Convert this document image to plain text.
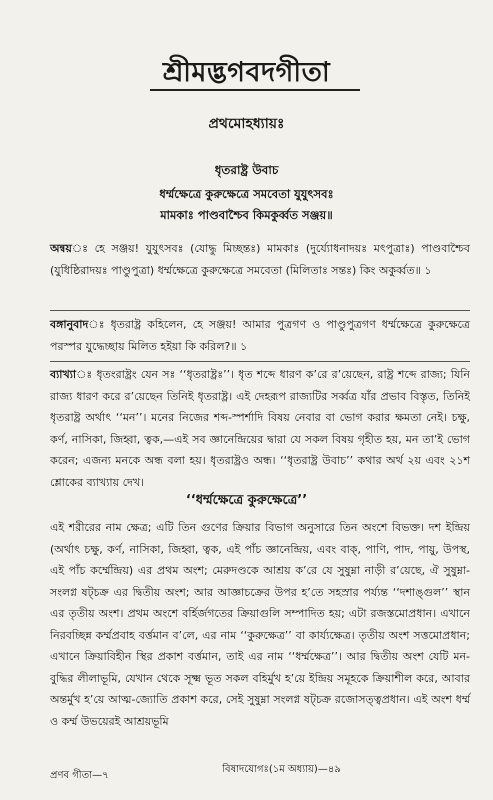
শ্রীমদ্ভগবদগীতা
প্রথমোহধ্যায়ঃ
ধৃতরাষ্ট্র উবাচ
ধর্ম্মক্ষেত্রে কুরুক্ষেত্রে সমবেতা যুযুৎসবঃ
মামকাঃ পাণ্ডবাশ্চৈব কিমকুর্ব্বত সঞ্জয়॥

অন্বয়ঃ হে সঞ্জয়! যুযুৎসবঃ (যোদ্ধু মিচ্ছন্তঃ) মামকাঃ (দুর্য্যোধনাদয়ঃ মৎপুত্রাঃ) পাণ্ডবাশ্চৈব (যুধিষ্ঠিরাদয়ঃ পাণ্ডুপুত্রা) ধর্ম্মক্ষেত্রে কুরুক্ষেত্রে সমবেতা (মিলিতাঃ সন্তঃ) কিং অকুর্ব্বত॥ ১

বঙ্গানুবাদঃ ধৃতরাষ্ট্র কহিলেন, হে সঞ্জয়! আমার পুত্রগণ ও পাণ্ডুপুত্রগণ ধর্ম্মক্ষেত্রে কুরুক্ষেত্রে পরস্পর যুদ্ধেচ্ছায় মিলিত হইয়া কি করিল?॥ ১

ব্যাখ্যাঃ ধৃতংরাষ্ট্রং যেন সঃ ‘‘ধৃতরাষ্ট্রঃ’’। ধৃত শব্দে ধারণ ক’রে র’য়েছেন, রাষ্ট্র শব্দে রাজ্য; যিনি রাজ্য ধারণ করে র’য়েছেন তিনিই ধৃতরাষ্ট্র। এই দেহরূপ রাজ্যটির সর্ব্বত্র যাঁর প্রভাব বিস্তৃত, তিনিই ধৃতরাষ্ট্র অর্থাৎ ‘‘মন’’। মনের নিজের শব্দ-স্পর্শাদি বিষয় নেবার বা ভোগ করার ক্ষমতা নেই। চক্ষু, কর্ণ, নাসিকা, জিহ্বা, ত্বক,—এই সব জ্ঞানেন্দ্রিয়ের দ্বারা যে সকল বিষয় গৃহীত হয়, মন তা’ই ভোগ করেন; এজন্য মনকে অন্ধ বলা হয়। ধৃতরাষ্ট্রও অন্ধ। ‘‘ধৃতরাষ্ট্র উবাচ’’ কথার অর্থ ২য় এবং ২১শ শ্লোকের ব্যাখ্যায় দেখ।

‘‘ধর্ম্মক্ষেত্রে কুরুক্ষেত্রে’’

এই শরীরের নাম ক্ষেত্র; এটি তিন গুণের ক্রিয়ার বিভাগ অনুসারে তিন অংশে বিভক্ত। দশ ইন্দ্রিয় (অর্থাৎ চক্ষু, কর্ণ, নাসিকা, জিহ্বা, ত্বক, এই পাঁচ জ্ঞানেন্দ্রিয়, এবং বাক্‌, পাণি, পাদ, পায়ু, উপস্থ, এই পাঁচ কর্ম্মেন্দ্রিয়) এর প্রথম অংশ; মেরুদণ্ডকে আশ্রয় ক’রে যে সুষুম্না নাড়ী র’য়েছে, ঐ সুষুম্না-সংলগ্ন ষট্‌চক্র এর দ্বিতীয় অংশ; আর আজ্ঞাচক্রের উপর হ’তে সহস্রার পর্য্যন্ত ‘‘দশাঙ্গুল’’ স্থান এর তৃতীয় অংশ। প্রথম অংশে বর্হির্জগতের ক্রিয়াগুলি সম্পাদিত হয়; এটা রজস্তমোপ্রধান। এখানে নিরবচ্ছিন্ন কর্ম্মপ্রবাহ বর্ত্তমান ব’লে, এর নাম ‘‘কুরুক্ষেত্র’’ বা কার্য্যক্ষেত্র। তৃতীয় অংশ সত্তমোপ্রধান; এখানে ক্রিয়াবিহীন স্থির প্রকাশ বর্ত্তমান, তাই এর নাম ‘‘ধর্ম্মক্ষেত্র’’। আর দ্বিতীয় অংশ যেটি মন-বুদ্ধির লীলাভূমি, যেখান থেকে সূক্ষ্ম ভূত সকল বহির্মুখ হ’য়ে ইন্দ্রিয় সমূহকে ক্রিয়াশীল করে, আবার অন্তর্মুখ হ’য়ে আত্ম-জ্যোতি প্রকাশ করে, সেই সুষুম্না সংলগ্ন ষট্‌চক্র রজোসত্ত্বপ্রধান। এই অংশ ধর্ম্ম ও কর্ম্ম উভয়েরই আশ্রয়ভূমি

বিষাদযোগঃ(১ম অধ্যায়)—৪৯
প্রণব গীতা—৭
